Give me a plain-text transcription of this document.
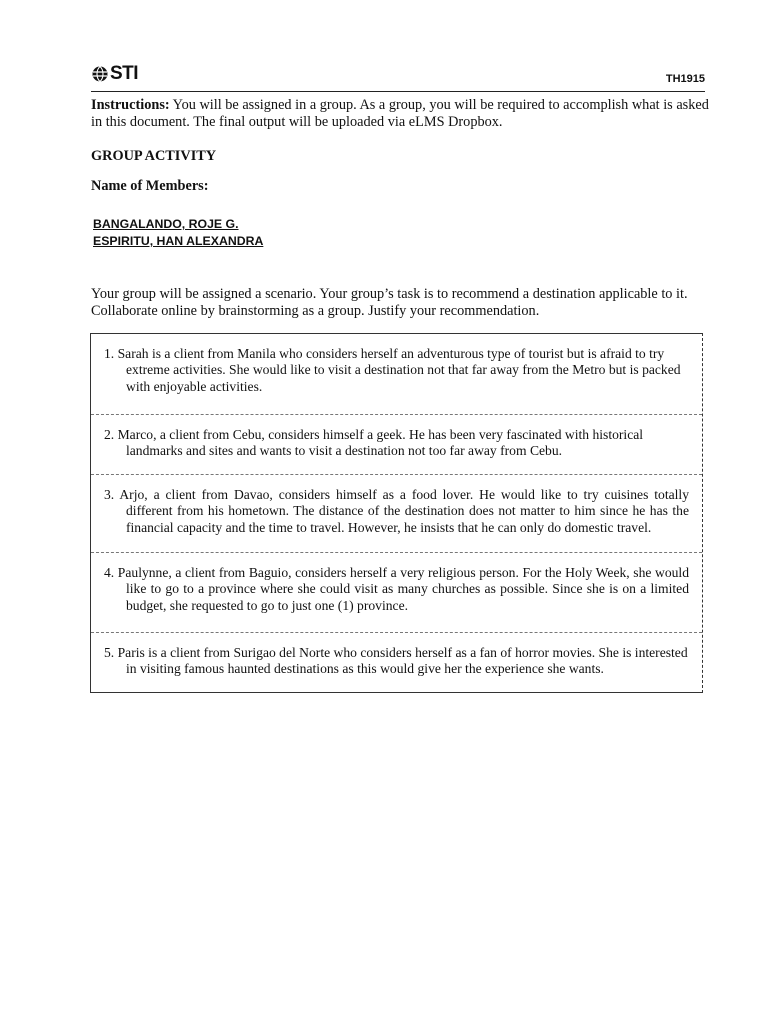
STI	TH1915
Instructions: You will be assigned in a group. As a group, you will be required to accomplish what is asked in this document. The final output will be uploaded via eLMS Dropbox.
GROUP ACTIVITY
Name of Members:
BANGALANDO, ROJE G.
ESPIRITU, HAN ALEXANDRA
Your group will be assigned a scenario. Your group’s task is to recommend a destination applicable to it. Collaborate online by brainstorming as a group. Justify your recommendation.

1. Sarah is a client from Manila who considers herself an adventurous type of tourist but is afraid to try extreme activities. She would like to visit a destination not that far away from the Metro but is packed with enjoyable activities.

2. Marco, a client from Cebu, considers himself a geek. He has been very fascinated with historical landmarks and sites and wants to visit a destination not too far away from Cebu.

3. Arjo, a client from Davao, considers himself as a food lover. He would like to try cuisines totally different from his hometown. The distance of the destination does not matter to him since he has the financial capacity and the time to travel. However, he insists that he can only do domestic travel.

4. Paulynne, a client from Baguio, considers herself a very religious person. For the Holy Week, she would like to go to a province where she could visit as many churches as possible. Since she is on a limited budget, she requested to go to just one (1) province.

5. Paris is a client from Surigao del Norte who considers herself as a fan of horror movies. She is interested in visiting famous haunted destinations as this would give her the experience she wants.
